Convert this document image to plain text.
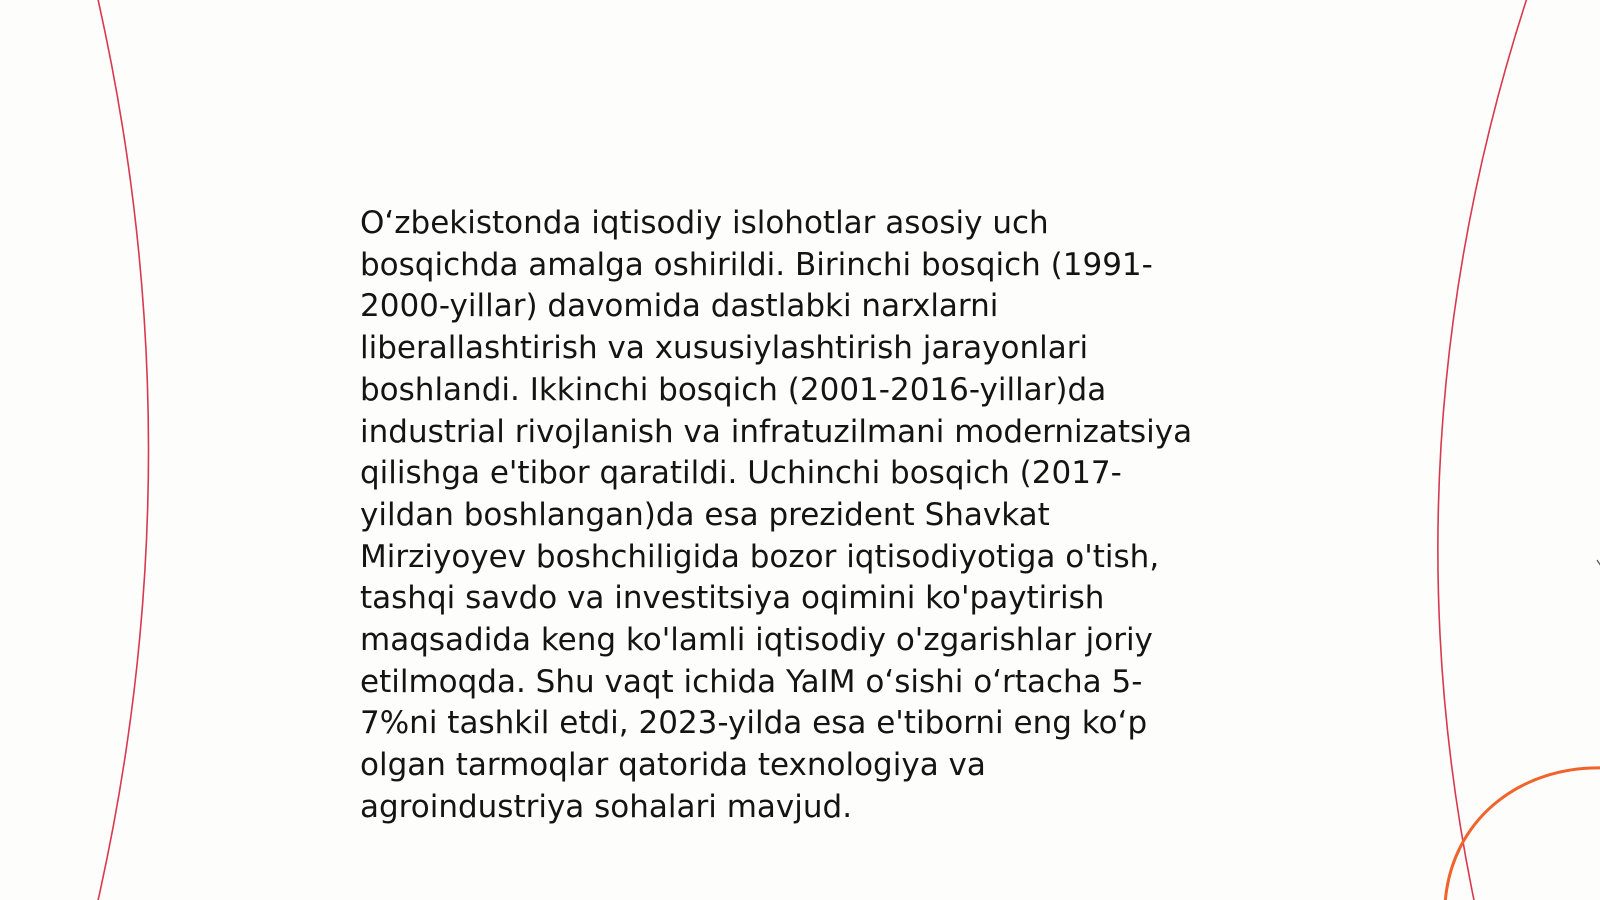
O‘zbekistonda iqtisodiy islohotlar asosiy uch
bosqichda amalga oshirildi. Birinchi bosqich (1991-
2000-yillar) davomida dastlabki narxlarni
liberallashtirish va xususiylashtirish jarayonlari
boshlandi. Ikkinchi bosqich (2001-2016-yillar)da
industrial rivojlanish va infratuzilmani modernizatsiya
qilishga e'tibor qaratildi. Uchinchi bosqich (2017-
yildan boshlangan)da esa prezident Shavkat
Mirziyoyev boshchiligida bozor iqtisodiyotiga o'tish,
tashqi savdo va investitsiya oqimini ko'paytirish
maqsadida keng ko'lamli iqtisodiy o'zgarishlar joriy
etilmoqda. Shu vaqt ichida YaIM o‘sishi o‘rtacha 5-
7%ni tashkil etdi, 2023-yilda esa e'tiborni eng ko‘p
olgan tarmoqlar qatorida texnologiya va
agroindustriya sohalari mavjud.
